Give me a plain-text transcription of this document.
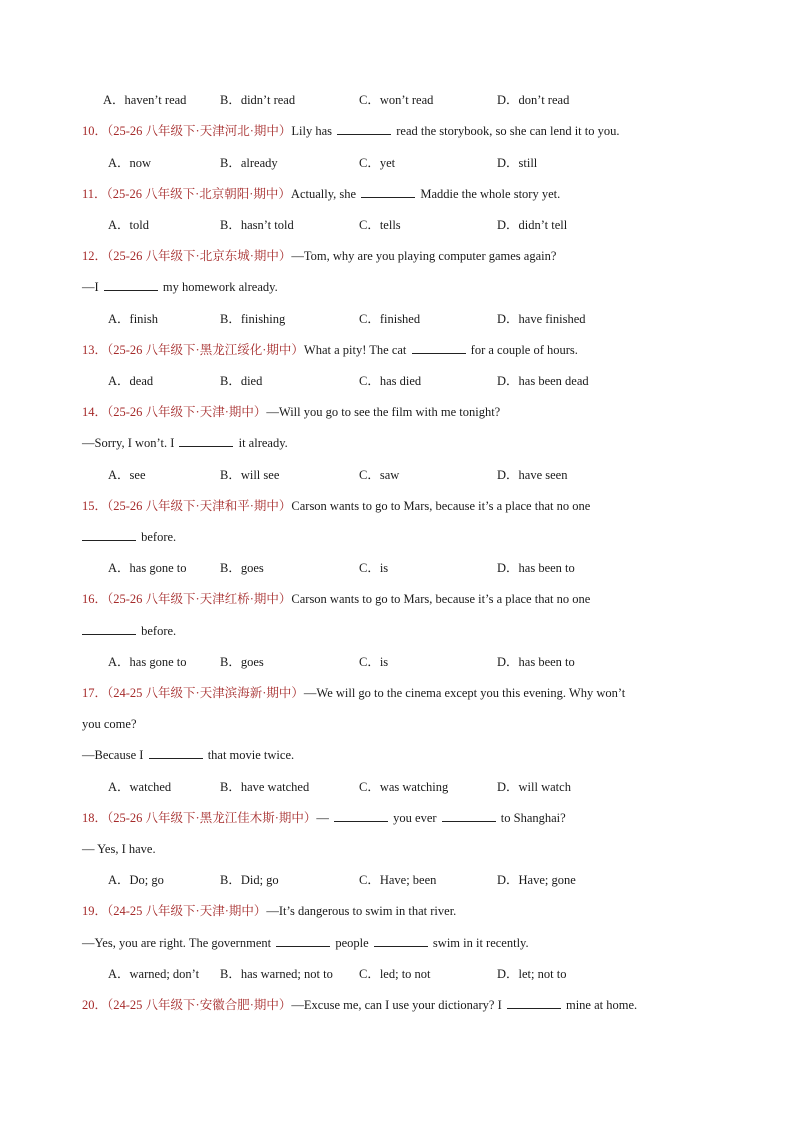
A．haven’t read	B．didn’t read	C．won’t read	D．don’t read
10．（25-26 八年级下·天津河北·期中）Lily has	read the storybook, so she can lend it to you.
A．now	B．already	C．yet	D．still
11．（25-26 八年级下·北京朝阳·期中）Actually, she	Maddie the whole story yet.
A．told	B．hasn’t told	C．tells	D．didn’t tell
12．（25-26 八年级下·北京东城·期中）—Tom, why are you playing computer games again?
—I	my homework already.
A．finish	B．finishing	C．finished	D．have finished
13．（25-26 八年级下·黑龙江绥化·期中）What a pity! The cat	for a couple of hours.
A．dead	B．died	C．has died	D．has been dead
14．（25-26 八年级下·天津·期中）—Will you go to see the film with me tonight?
—Sorry, I won’t. I	it already.
A．see	B．will see	C．saw	D．have seen
15．（25-26 八年级下·天津和平·期中）Carson wants to go to Mars, because it’s a place that no one
before.
A．has gone to	B．goes	C．is	D．has been to
16．（25-26 八年级下·天津红桥·期中）Carson wants to go to Mars, because it’s a place that no one
before.
A．has gone to	B．goes	C．is	D．has been to
17．（24-25 八年级下·天津滨海新·期中）—We will go to the cinema except you this evening. Why won’t
you come?
—Because I	that movie twice.
A．watched	B．have watched	C．was watching	D．will watch
18．（25-26 八年级下·黑龙江佳木斯·期中）—	you ever	to Shanghai?
— Yes, I have.
A．Do; go	B．Did; go	C．Have; been	D．Have; gone
19．（24-25 八年级下·天津·期中）—It’s dangerous to swim in that river.
—Yes, you are right. The government	people	swim in it recently.
A．warned; don’t B．has warned; not to C．led; to not	D．let; not to
20．（24-25 八年级下·安徽合肥·期中）—Excuse me, can I use your dictionary? I	mine at home.
